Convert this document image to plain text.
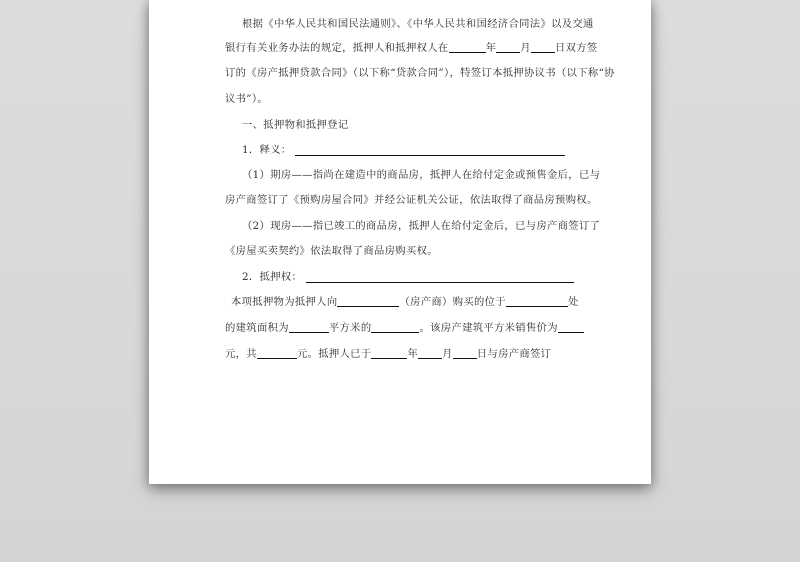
根据《中华人民共和国民法通则》、《中华人民共和国经济合同法》以及交通
银行有关业务办法的规定，抵押人和抵押权人在	年 月 日双方签
订的《房产抵押贷款合同》（以下称“贷款合同”），特签订本抵押协议书（以下称“协
议书”）。
一、抵押物和抵押登记
1．释义：
（1）期房——指尚在建造中的商品房，抵押人在给付定金或预售金后，已与
房产商签订了《预购房屋合同》并经公证机关公证，依法取得了商品房预购权。
（2）现房——指已竣工的商品房，抵押人在给付定金后，已与房产商签订了
《房屋买卖契约》依法取得了商品房购买权。
2．抵押权：
本项抵押物为抵押人向	（房产商）购买的位于	处
的建筑面积为	平方米的	。该房产建筑平方米销售价为
元，共	元。抵押人已于	年 月 日与房产商签订
